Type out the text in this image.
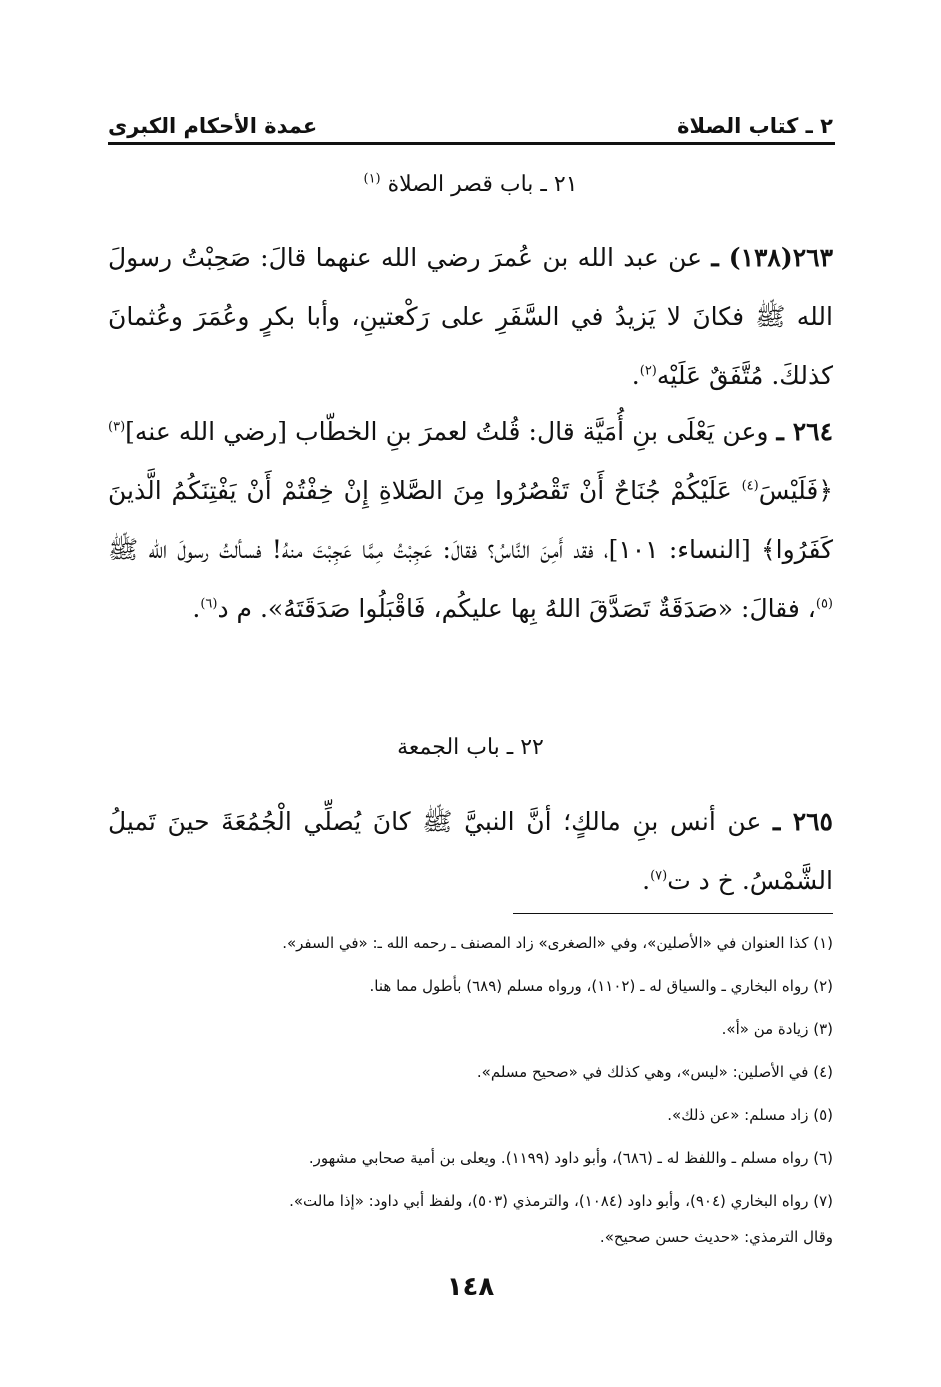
٢ ـ كتاب الصلاة
عمدة الأحكام الكبرى
٢١ ـ باب قصر الصلاة $^{(١)}$

٢٦٣(١٣٨) ـ عن عبد الله بن عُمرَ رضي الله عنهما قالَ: صَحِبْتُ رسولَ الله ﷺ فكانَ لا يَزيدُ في السَّفَرِ على رَكْعتينِ، وأبا بكرٍ وعُمَرَ وعُثمانَ كذلكَ. مُتَّفَقٌ عَلَيْه$^{(٢)}$.

٢٦٤ ـ وعن يَعْلَى بنِ أُمَيَّة قال: قُلتُ لعمرَ بنِ الخطّاب [رضي الله عنه]$^{(٣)}$ ﴿فَلَيْسَ$^{(٤)}$ عَلَيْكُمْ جُنَاحٌ أَنْ تَقْصُرُوا مِنَ الصَّلاةِ إِنْ خِفْتُمْ أَنْ يَفْتِنَكُمُ الَّذينَ كَفَرُوا﴾ [النساء: ١٠١]، فقد أَمِنَ النَّاسُ؟ فقالَ: عَجِبْتُ مِمَّا عَجِبْتَ منهُ! فسألتُ رسولَ الله ﷺ $^{(٥)}$، فقالَ: «صَدَقَةٌ تَصَدَّقَ اللهُ بِها عليكُم، فَاقْبَلُوا صَدَقَتَهُ». م د$^{(٦)}$.

٢٢ ـ باب الجمعة

٢٦٥ ـ عن أنس بنِ مالكٍ؛ أنَّ النبيَّ ﷺ كانَ يُصلِّي الْجُمُعَةَ حينَ تَميلُ الشَّمْسُ. خ د ت$^{(٧)}$.

(١) كذا العنوان في «الأصلين»، وفي «الصغرى» زاد المصنف ـ رحمه الله ـ: «في السفر».
(٢) رواه البخاري ـ والسياق له ـ (١١٠٢)، ورواه مسلم (٦٨٩) بأطول مما هنا.
(٣) زيادة من «أ».
(٤) في الأصلين: «ليس»، وهي كذلك في «صحيح مسلم».
(٥) زاد مسلم: «عن ذلك».
(٦) رواه مسلم ـ واللفظ له ـ (٦٨٦)، وأبو داود (١١٩٩). ويعلى بن أمية صحابي مشهور.
(٧) رواه البخاري (٩٠٤)، وأبو داود (١٠٨٤)، والترمذي (٥٠٣)، ولفظ أبي داود: «إذا مالت».
وقال الترمذي: «حديث حسن صحيح».
١٤٨
